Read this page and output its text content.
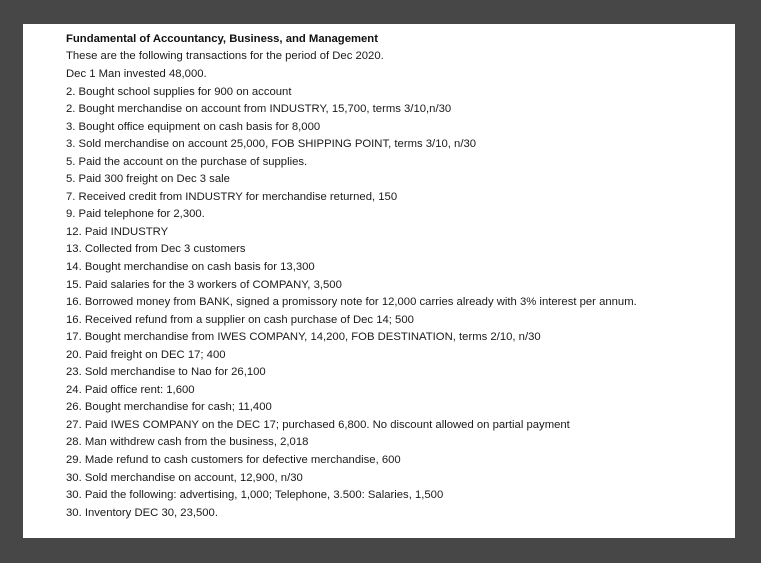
Fundamental of Accountancy, Business, and Management

These are the following transactions for the period of Dec 2020.

Dec 1 Man invested 48,000.

2. Bought school supplies for 900 on account

2. Bought merchandise on account from INDUSTRY, 15,700, terms 3/10,n/30

3. Bought office equipment on cash basis for 8,000

3. Sold merchandise on account 25,000, FOB SHIPPING POINT, terms 3/10, n/30

5. Paid the account on the purchase of supplies.

5. Paid 300 freight on Dec 3 sale

7. Received credit from INDUSTRY for merchandise returned, 150

9. Paid telephone for 2,300.

12. Paid INDUSTRY

13. Collected from Dec 3 customers

14. Bought merchandise on cash basis for 13,300

15. Paid salaries for the 3 workers of COMPANY, 3,500

16. Borrowed money from BANK, signed a promissory note for 12,000 carries already with 3% interest per annum.

16. Received refund from a supplier on cash purchase of Dec 14; 500

17. Bought merchandise from IWES COMPANY, 14,200, FOB DESTINATION, terms 2/10, n/30

20. Paid freight on DEC 17; 400

23. Sold merchandise to Nao for 26,100

24. Paid office rent: 1,600

26. Bought merchandise for cash; 11,400

27. Paid IWES COMPANY on the DEC 17; purchased 6,800. No discount allowed on partial payment

28. Man withdrew cash from the business, 2,018

29. Made refund to cash customers for defective merchandise, 600

30. Sold merchandise on account, 12,900, n/30

30. Paid the following: advertising, 1,000; Telephone, 3.500: Salaries, 1,500

30. Inventory DEC 30, 23,500.
